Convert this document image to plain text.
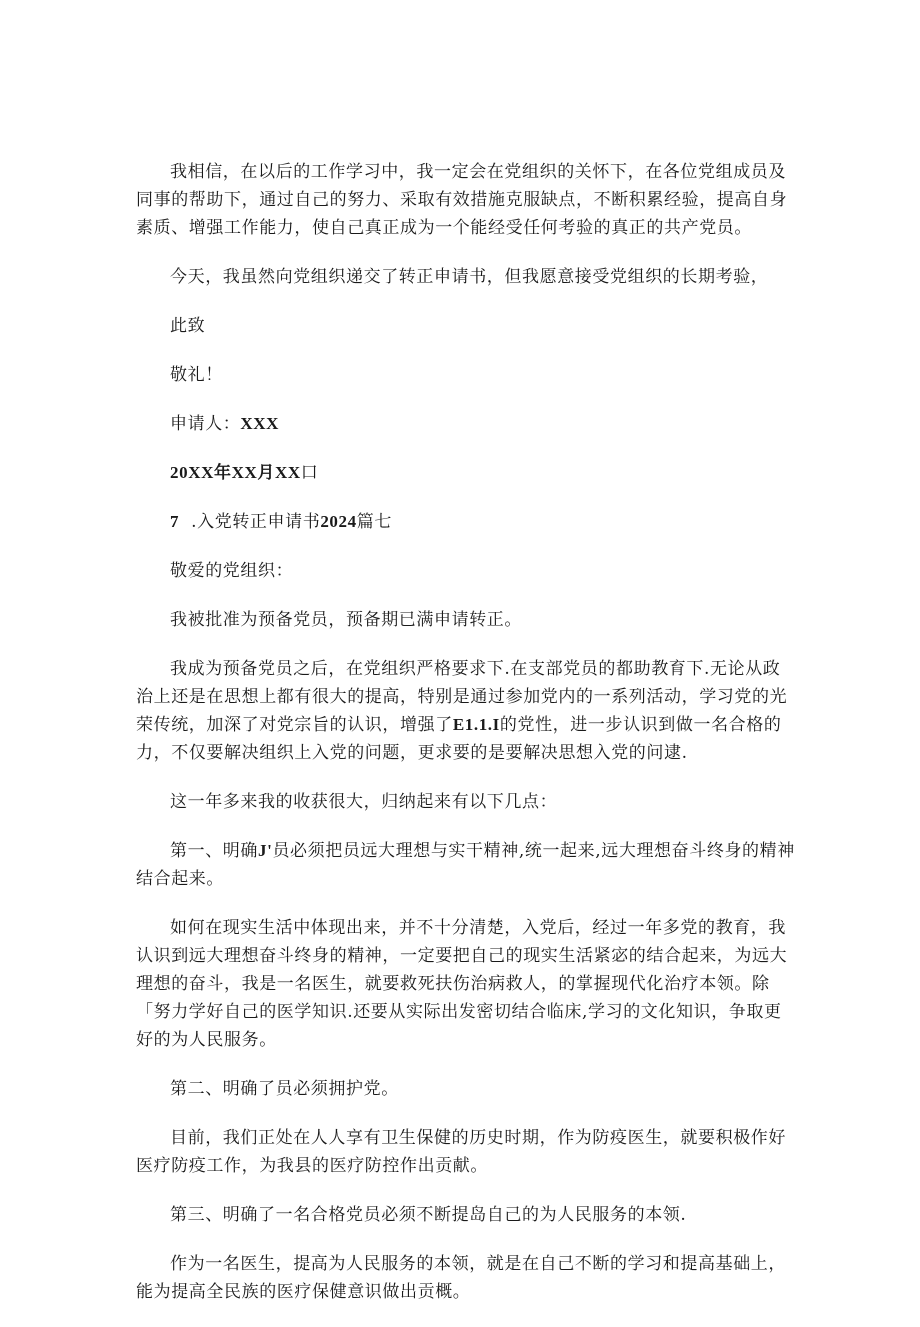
我相信，在以后的工作学习中，我一定会在党组织的关怀下，在各位党组成员及同事的帮助下，通过自己的努力、采取有效措施克服缺点，不断积累经验，提高自身素质、增强工作能力，使自己真正成为一个能经受任何考验的真正的共产党员。

今天，我虽然向党组织递交了转正申请书，但我愿意接受党组织的长期考验，

此致

敬礼！

申请人：XXX

20XX年XX月XX口

7  .入党转正申请书2024篇七

敬爱的党组织：

我被批准为预备党员，预备期已满申请转正。

我成为预备党员之后，在党组织严格要求下.在支部党员的都助教育下.无论从政治上还是在思想上都有很大的提高，特别是通过参加党内的一系列活动，学习党的光荣传统，加深了对党宗旨的认识，增强了E1.1.I的党性，进一步认识到做一名合格的力，不仅要解决组织上入党的问题，更求要的是要解决思想入党的问逮.

这一年多来我的收获很大，归纳起来有以下几点：

第一、明确J'员必须把员远大理想与实干精神,统一起来,远大理想奋斗终身的精神结合起来。

如何在现实生活中体现出来，并不十分清楚，入党后，经过一年多党的教育，我认识到远大理想奋斗终身的精神，一定要把自己的现实生活紧宓的结合起来，为远大理想的奋斗，我是一名医生，就要救死扶伤治病救人，的掌握现代化治疗本领。除「努力学好自己的医学知识.还要从实际出发密切结合临床,学习的文化知识，争取更好的为人民服务。

第二、明确了员必须拥护党。

目前，我们正处在人人享有卫生保健的历史时期，作为防疫医生，就要积极作好医疗防疫工作，为我县的医疗防控作出贡献。

第三、明确了一名合格党员必须不断提岛自己的为人民服务的本领.

作为一名医生，提高为人民服务的本领，就是在自己不断的学习和提高基础上，能为提高全民族的医疗保健意识做出贡概。
